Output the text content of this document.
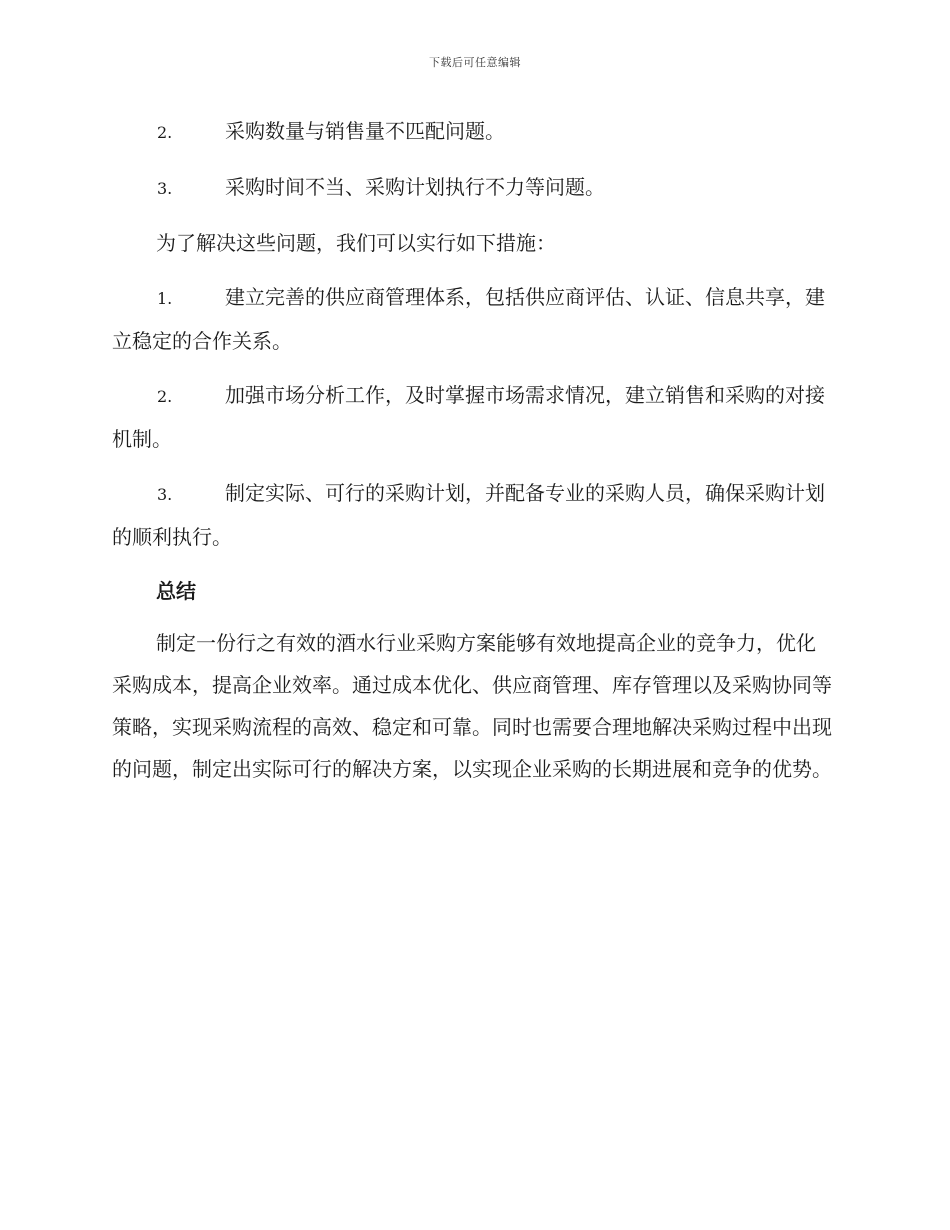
下载后可任意编辑

2.	采购数量与销售量不匹配问题。

3.	采购时间不当、采购计划执行不力等问题。

为了解决这些问题，我们可以实行如下措施：

1.	建立完善的供应商管理体系，包括供应商评估、认证、信息共享，建立稳定的合作关系。

2.	加强市场分析工作，及时掌握市场需求情况，建立销售和采购的对接机制。

3.	制定实际、可行的采购计划，并配备专业的采购人员，确保采购计划的顺利执行。

总结

制定一份行之有效的酒水行业采购方案能够有效地提高企业的竞争力，优化采购成本，提高企业效率。通过成本优化、供应商管理、库存管理以及采购协同等策略，实现采购流程的高效、稳定和可靠。同时也需要合理地解决采购过程中出现的问题，制定出实际可行的解决方案，以实现企业采购的长期进展和竞争的优势。
